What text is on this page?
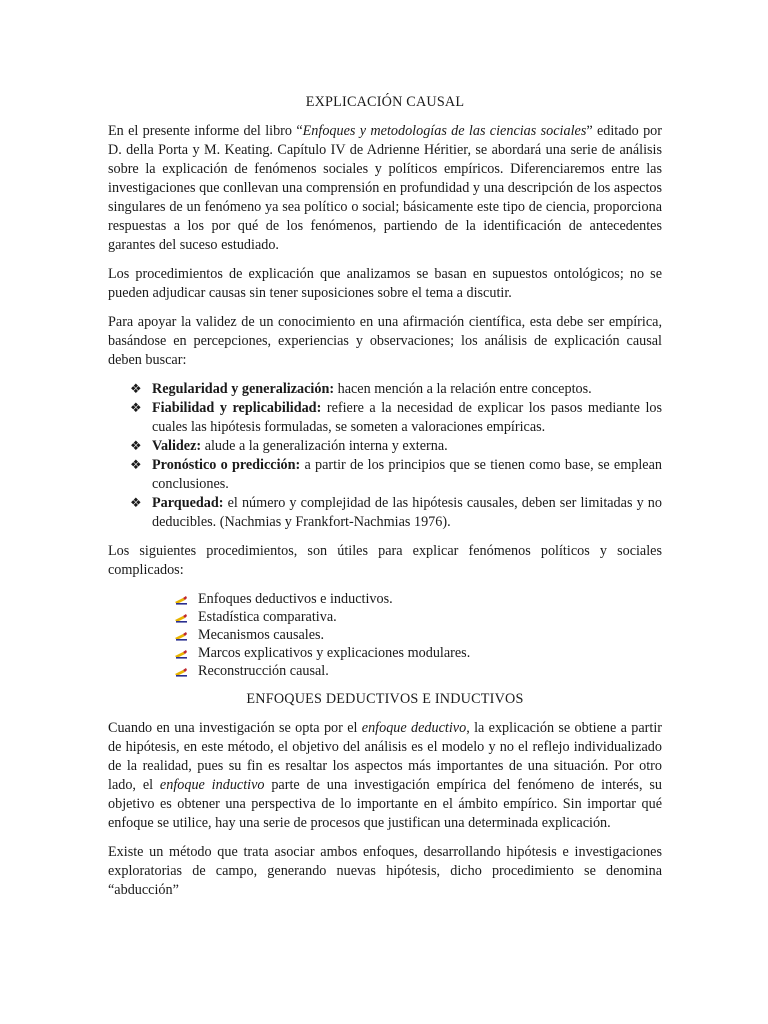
EXPLICACIÓN CAUSAL

En el presente informe del libro “Enfoques y metodologías de las ciencias sociales” editado por D. della Porta y M. Keating. Capítulo IV de Adrienne Héritier, se abordará una serie de análisis sobre la explicación de fenómenos sociales y políticos empíricos. Diferenciaremos entre las investigaciones que conllevan una comprensión en profundidad y una descripción de los aspectos singulares de un fenómeno ya sea político o social; básicamente este tipo de ciencia, proporciona respuestas a los por qué de los fenómenos, partiendo de la identificación de antecedentes garantes del suceso estudiado.

Los procedimientos de explicación que analizamos se basan en supuestos ontológicos; no se pueden adjudicar causas sin tener suposiciones sobre el tema a discutir.

Para apoyar la validez de un conocimiento en una afirmación científica, esta debe ser empírica, basándose en percepciones, experiencias y observaciones; los análisis de explicación causal deben buscar:

❖ Regularidad y generalización: hacen mención a la relación entre conceptos.
❖ Fiabilidad y replicabilidad: refiere a la necesidad de explicar los pasos mediante los cuales las hipótesis formuladas, se someten a valoraciones empíricas.
❖ Validez: alude a la generalización interna y externa.
❖ Pronóstico o predicción: a partir de los principios que se tienen como base, se emplean conclusiones.
❖ Parquedad: el número y complejidad de las hipótesis causales, deben ser limitadas y no deducibles. (Nachmias y Frankfort-Nachmias 1976).

Los siguientes procedimientos, son útiles para explicar fenómenos políticos y sociales complicados:

Enfoques deductivos e inductivos.
Estadística comparativa.
Mecanismos causales.
Marcos explicativos y explicaciones modulares.
Reconstrucción causal.
ENFOQUES DEDUCTIVOS E INDUCTIVOS

Cuando en una investigación se opta por el enfoque deductivo, la explicación se obtiene a partir de hipótesis, en este método, el objetivo del análisis es el modelo y no el reflejo individualizado de la realidad, pues su fin es resaltar los aspectos más importantes de una situación. Por otro lado, el enfoque inductivo parte de una investigación empírica del fenómeno de interés, su objetivo es obtener una perspectiva de lo importante en el ámbito empírico. Sin importar qué enfoque se utilice, hay una serie de procesos que justifican una determinada explicación.

Existe un método que trata asociar ambos enfoques, desarrollando hipótesis e investigaciones exploratorias de campo, generando nuevas hipótesis, dicho procedimiento se denomina “abducción”
